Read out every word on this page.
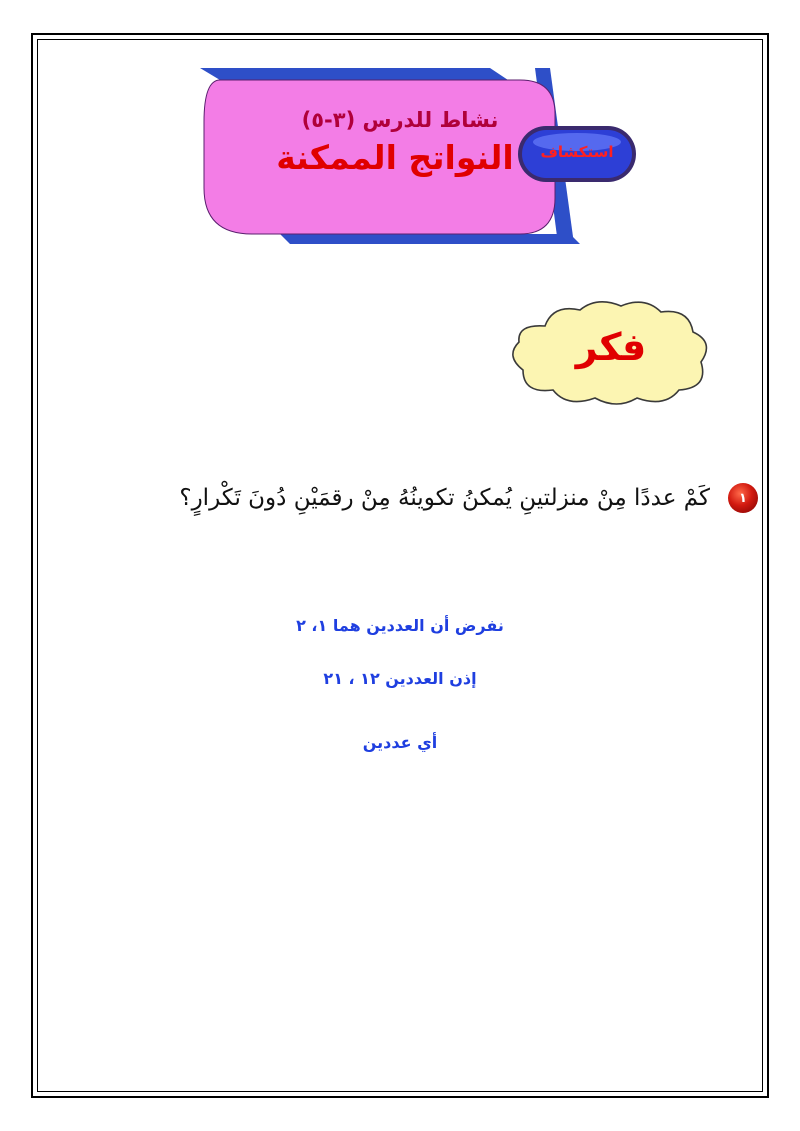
نشاط للدرس (٣-٥)
النواتج الممكنة	استكشاف
فكر
١
كَمْ عددًا مِنْ منزلتينِ يُمكنُ تكوينُهُ مِنْ رقمَيْنِ دُونَ تَكْرارٍ؟
نفرض أن العددين هما ١، ٢
إذن العددين ١٢ ، ٢١
أي عددين
